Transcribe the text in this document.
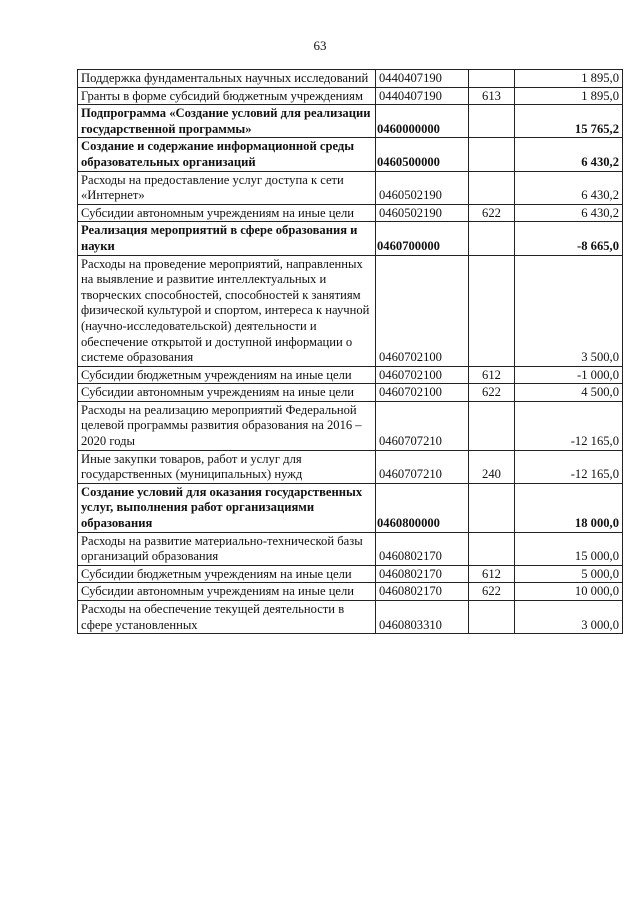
63
Поддержка фундаментальных научных исследований	0440407190		1 895,0
Гранты в форме субсидий бюджетным учреждениям	0440407190	613	1 895,0
Подпрограмма «Создание условий для реализации государственной программы»	0460000000		15 765,2
Создание и содержание информационной среды образовательных организаций	0460500000		6 430,2
Расходы на предоставление услуг доступа к сети «Интернет»	0460502190		6 430,2
Субсидии автономным учреждениям на иные цели	0460502190	622	6 430,2
Реализация мероприятий в сфере образования и науки	0460700000		-8 665,0
Расходы на проведение мероприятий, направленных на выявление и развитие интеллектуальных и творческих способностей, способностей к занятиям физической культурой и спортом, интереса к научной (научно-исследовательской) деятельности и обеспечение открытой и доступной информации о системе образования	0460702100		3 500,0
Субсидии бюджетным учреждениям на иные цели	0460702100	612	-1 000,0
Субсидии автономным учреждениям на иные цели	0460702100	622	4 500,0
Расходы на реализацию мероприятий Федеральной целевой программы развития образования на 2016 – 2020 годы	0460707210		-12 165,0
Иные закупки товаров, работ и услуг для государственных (муниципальных) нужд	0460707210	240	-12 165,0
Создание условий для оказания государственных услуг, выполнения работ организациями образования	0460800000		18 000,0
Расходы на развитие материально-технической базы организаций образования	0460802170		15 000,0
Субсидии бюджетным учреждениям на иные цели	0460802170	612	5 000,0
Субсидии автономным учреждениям на иные цели	0460802170	622	10 000,0
Расходы на обеспечение текущей деятельности в сфере установленных	0460803310		3 000,0
